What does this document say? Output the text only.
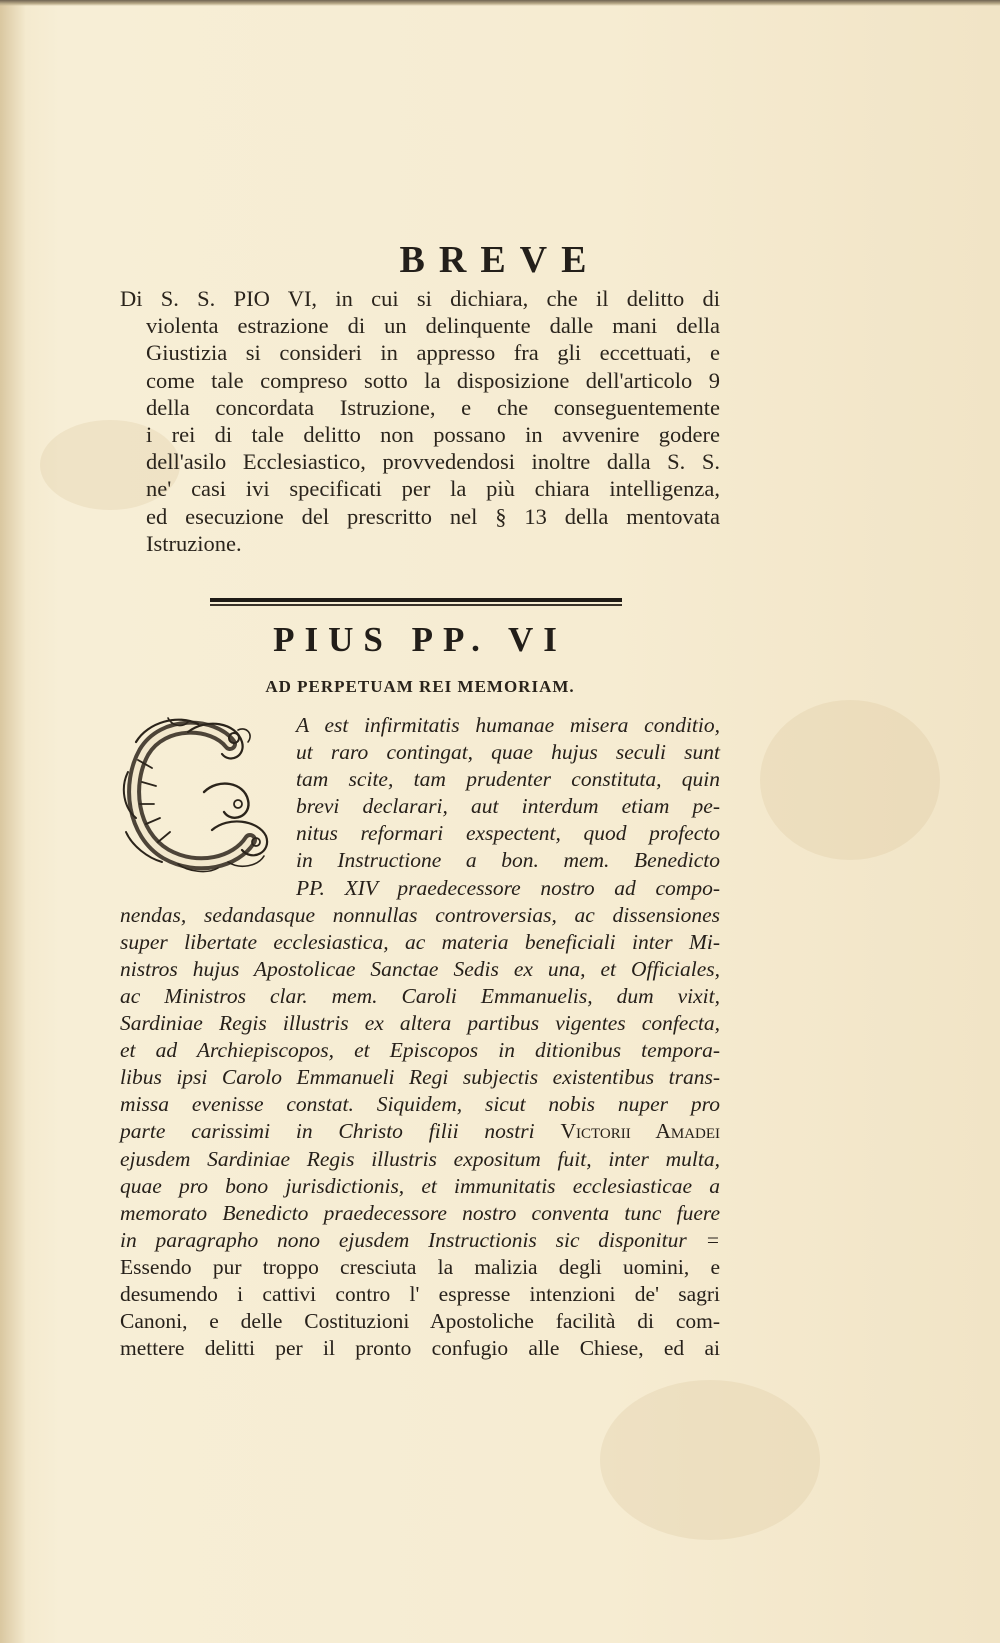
BREVE
Di S. S. PIO VI, in cui si dichiara, che il delitto di
violenta estrazione di un delinquente dalle mani della
Giustizia si consideri in appresso fra gli eccettuati, e
come tale compreso sotto la disposizione dell'articolo 9
della concordata Istruzione, e che conseguentemente
i rei di tale delitto non possano in avvenire godere
dell'asilo Ecclesiastico, provvedendosi inoltre dalla S. S.
ne' casi ivi specificati per la più chiara intelligenza,
ed esecuzione del prescritto nel § 13 della mentovata
Istruzione.
PIUS PP. VI
AD PERPETUAM REI MEMORIAM.
A est infirmitatis humanae misera conditio,
ut raro contingat, quae hujus seculi sunt
tam scite, tam prudenter constituta, quin
brevi declarari, aut interdum etiam pe-
nitus reformari exspectent, quod profecto
in Instructione a bon. mem. Benedicto
PP. XIV praedecessore nostro ad compo-
nendas, sedandasque nonnullas controversias, ac dissensiones
super libertate ecclesiastica, ac materia beneficiali inter Mi-
nistros hujus Apostolicae Sanctae Sedis ex una, et Officiales,
ac Ministros clar. mem. Caroli Emmanuelis, dum vixit,
Sardiniae Regis illustris ex altera partibus vigentes confecta,
et ad Archiepiscopos, et Episcopos in ditionibus tempora-
libus ipsi Carolo Emmanueli Regi subjectis existentibus trans-
missa evenisse constat. Siquidem, sicut nobis nuper pro
parte carissimi in Christo filii nostri Victorii Amadei
ejusdem Sardiniae Regis illustris expositum fuit, inter multa,
quae pro bono jurisdictionis, et immunitatis ecclesiasticae a
memorato Benedicto praedecessore nostro conventa tunc fuere
in paragrapho nono ejusdem Instructionis sic disponitur =
Essendo pur troppo cresciuta la malizia degli uomini, e
desumendo i cattivi contro l' espresse intenzioni de' sagri
Canoni, e delle Costituzioni Apostoliche facilità di com-
mettere delitti per il pronto confugio alle Chiese, ed ai
